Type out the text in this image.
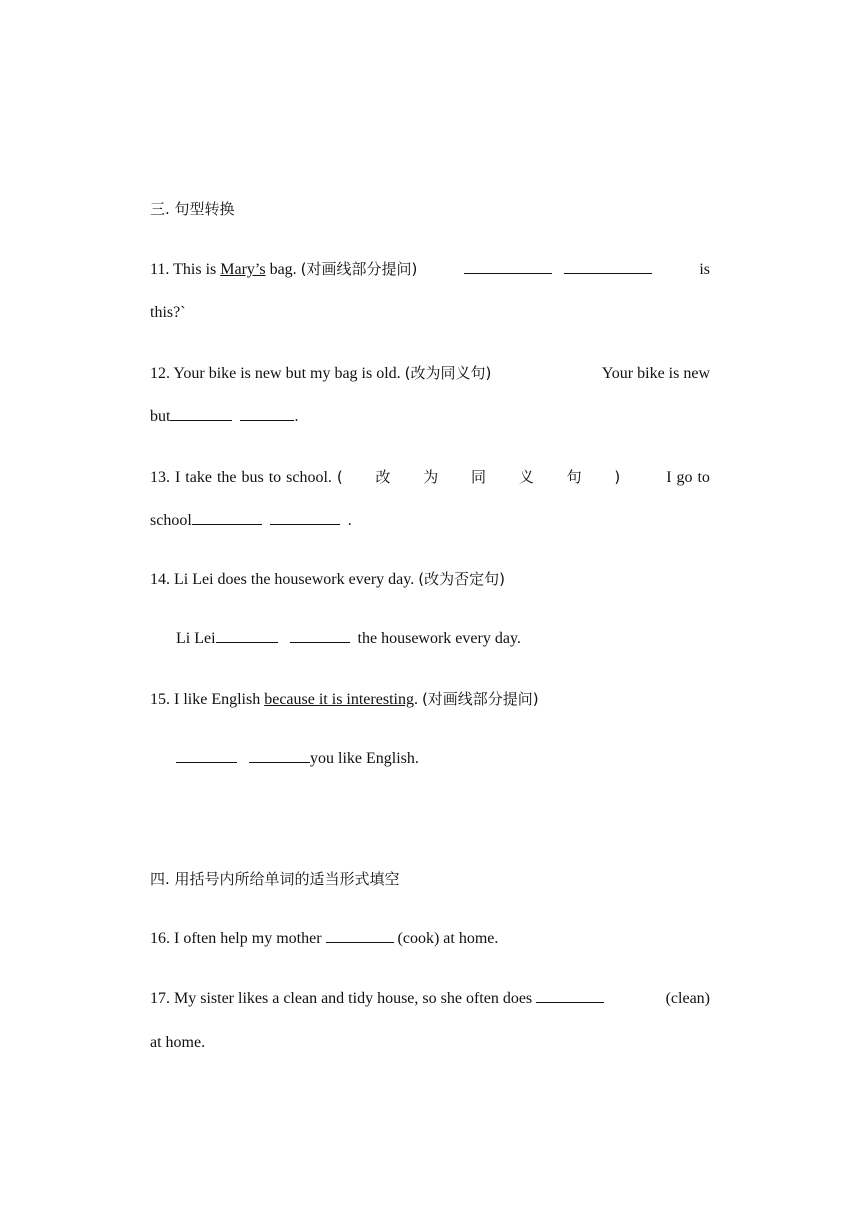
三. 句型转换
11. This is Mary’s bag. (对画线部分提问)
	is
this?`
12. Your bike is new but my bag is old. (改为同义句)	Your bike is new
but	.
13. I take the bus to school. ( 改 为 同 义 句 ) I go to
school	.
14. Li Lei does the housework every day. (改为否定句)
Li Lei	the housework every day.
15. I like English because it is interesting. (对画线部分提问)
you like English.
四. 用括号内所给单词的适当形式填空
16. I often help my mother	(cook) at home.
17. My sister likes a clean and tidy house, so she often does	(clean)
at home.
